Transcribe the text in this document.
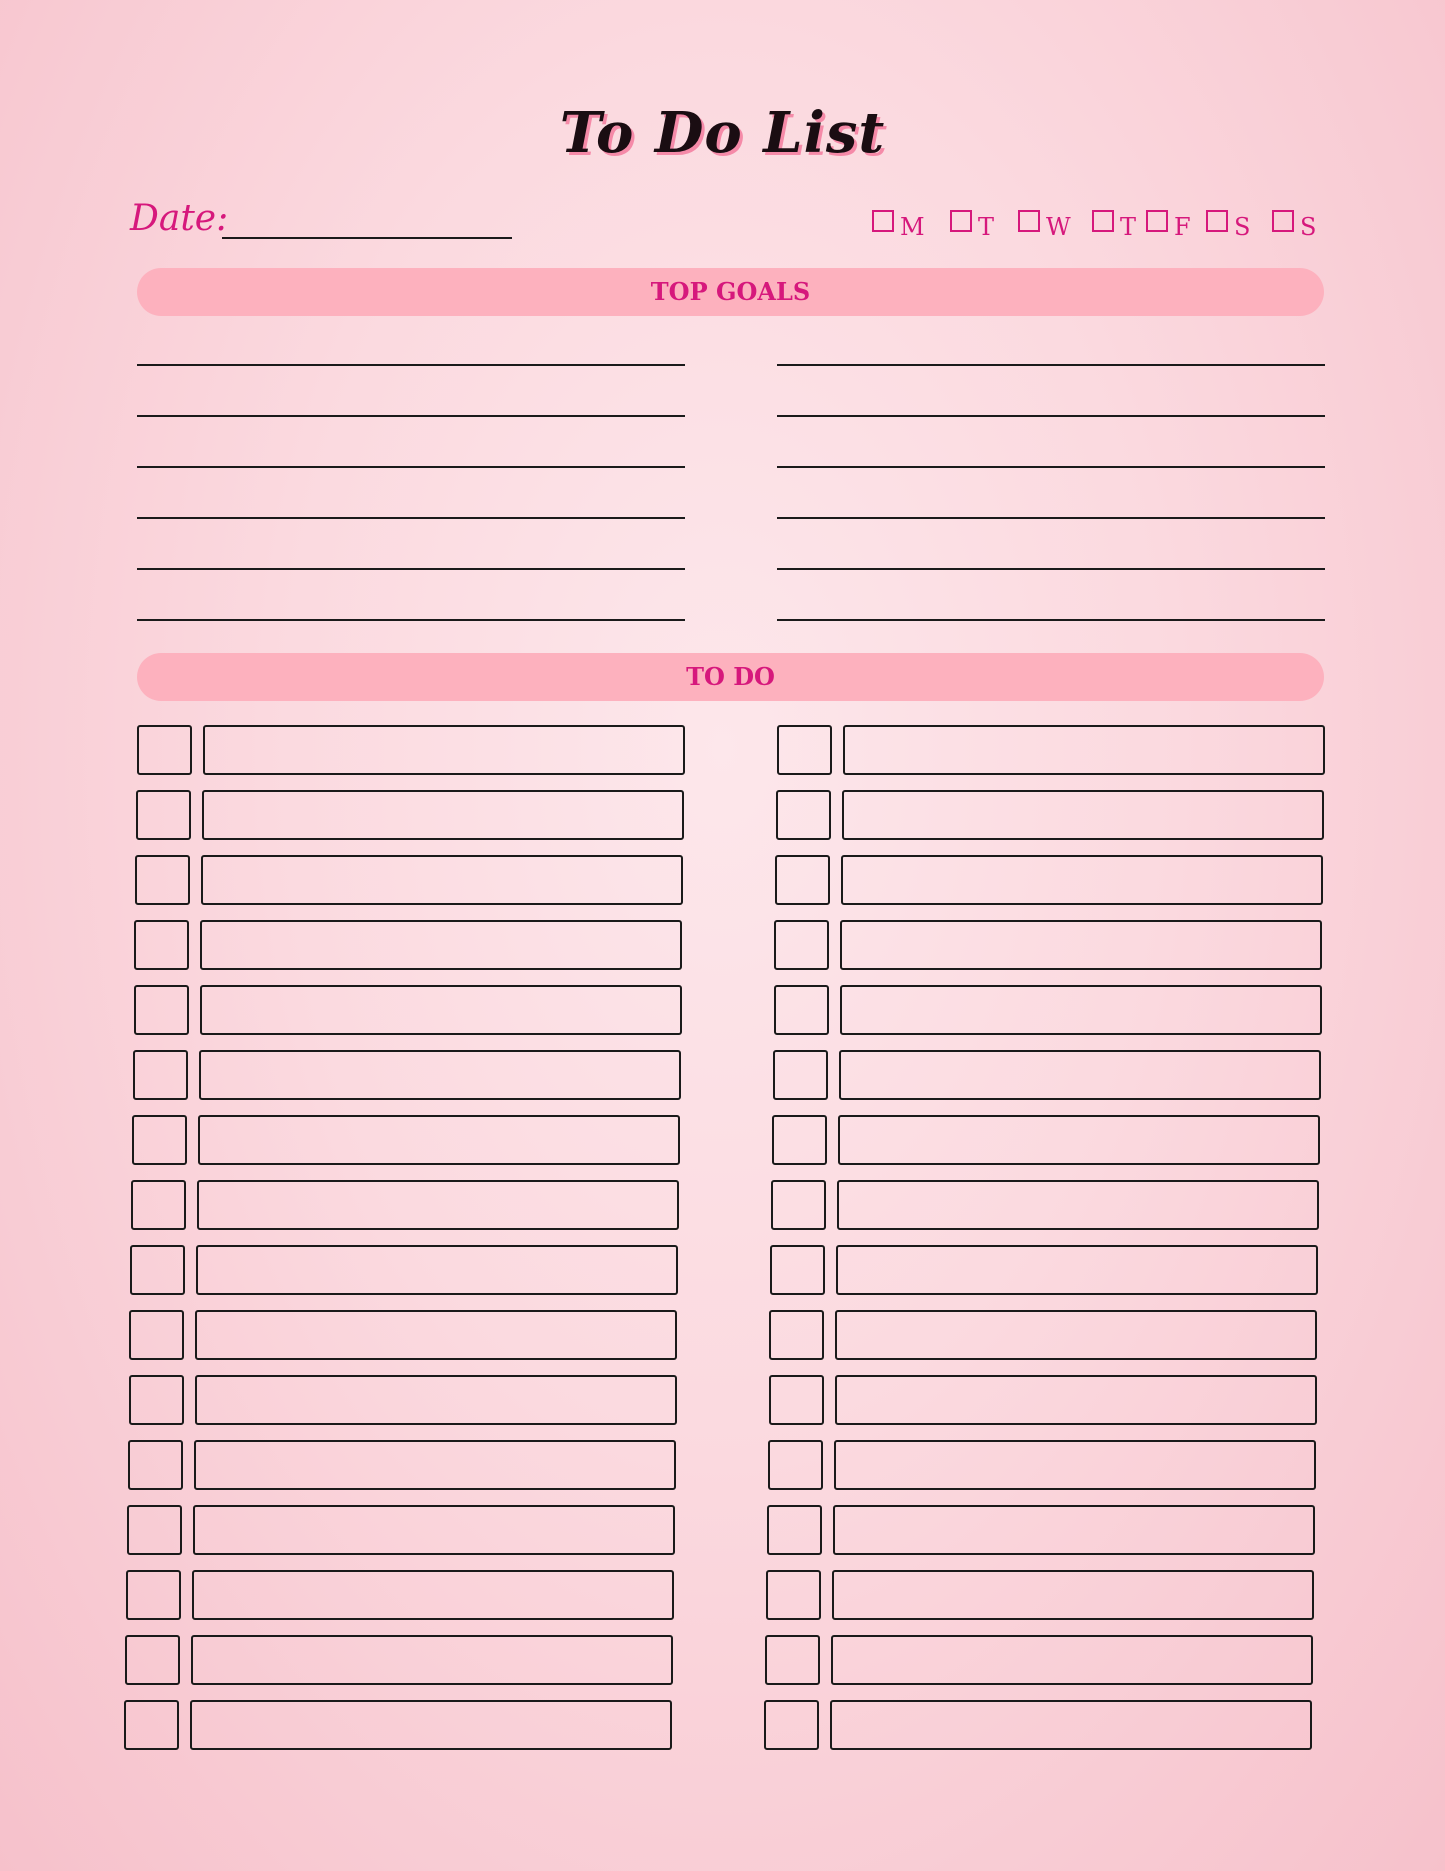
To Do List
Date:	M T W T F S S
TOP GOALS
TO DO
